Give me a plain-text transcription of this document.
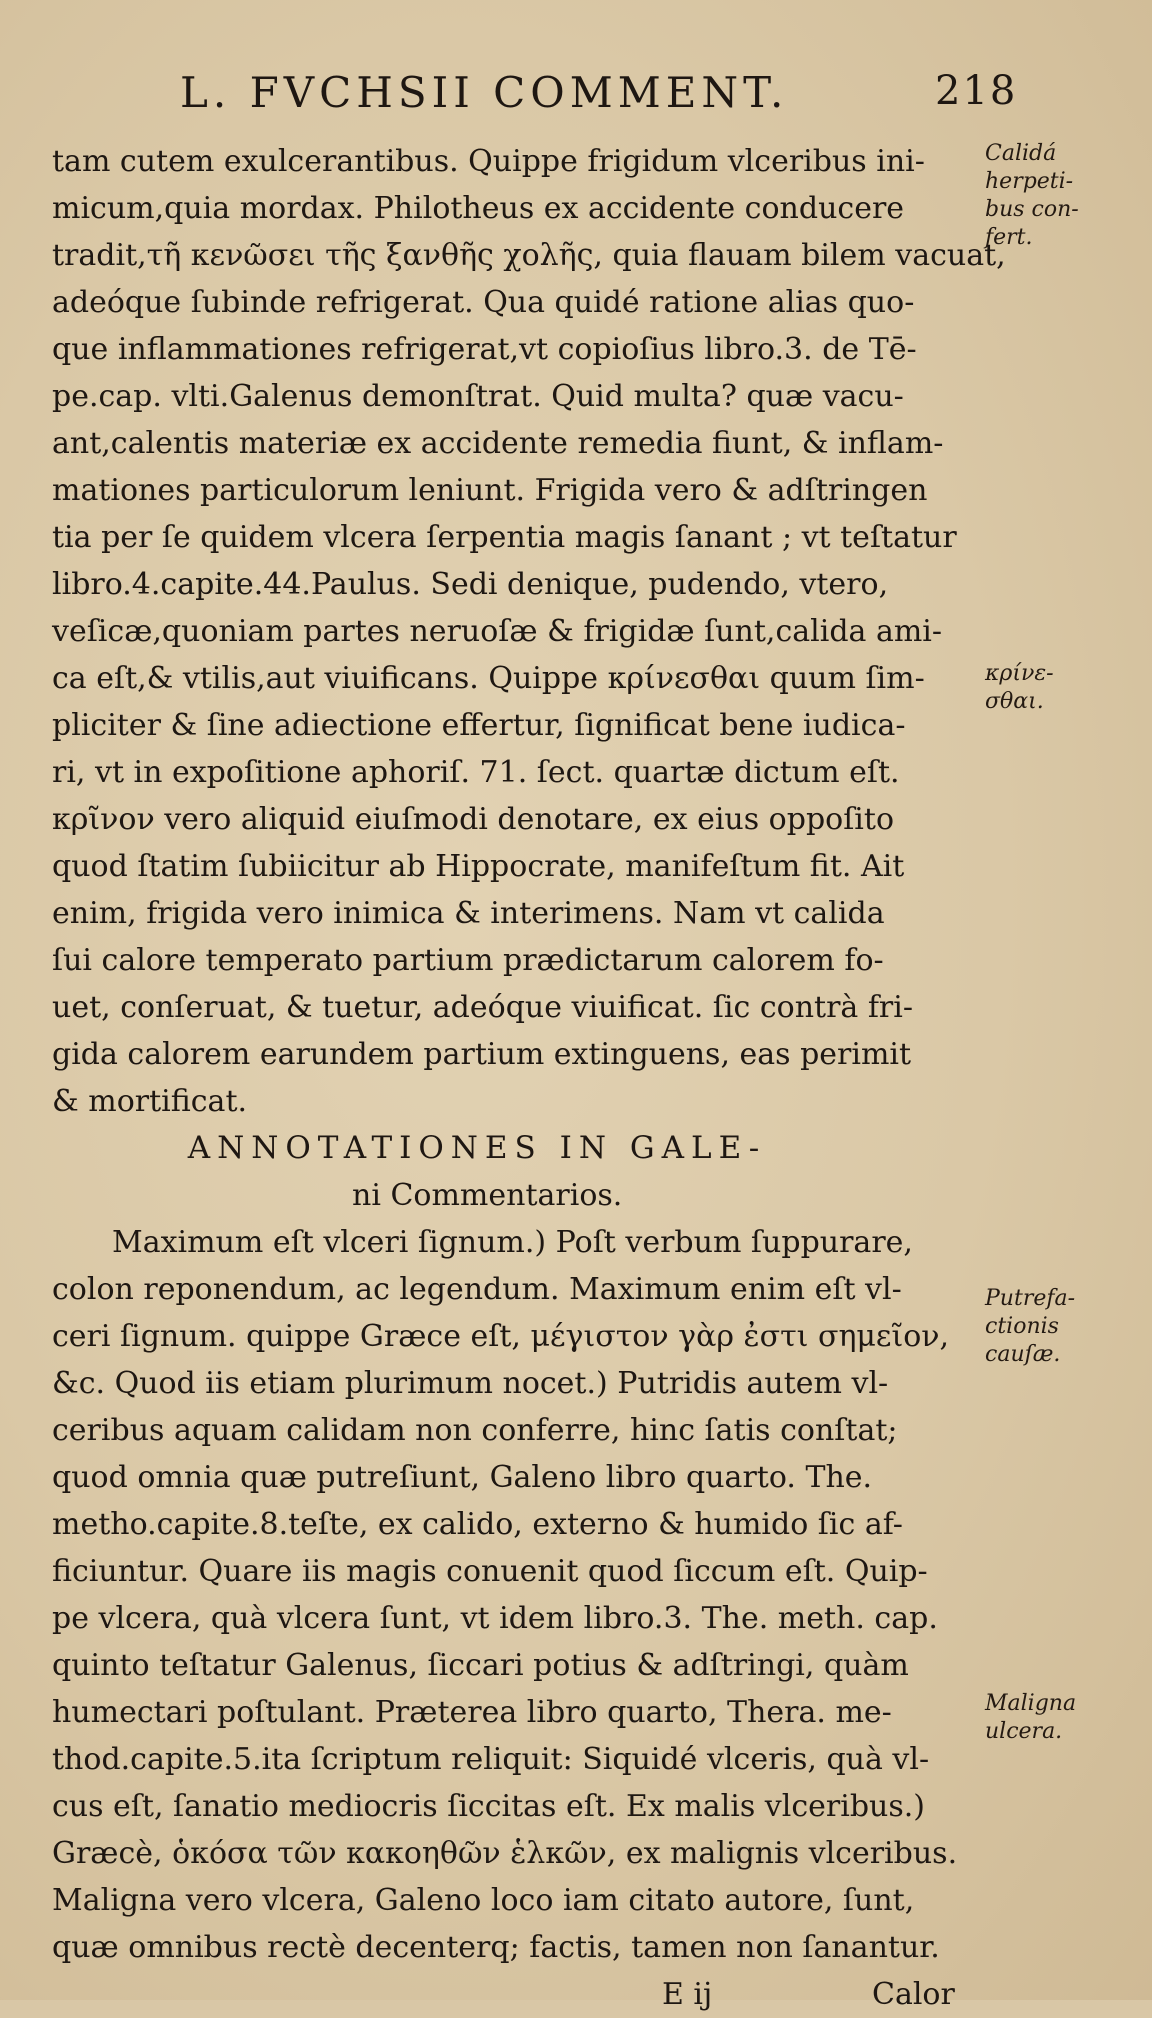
L. FVCHSII COMMENT.	218
tam cutem exulcerantibus. Quippe frigidum vlceribus ini-
micum,quia mordax. Philotheus ex accidente conducere
tradit,τῆ κενῶσει τῆς ξανθῆς χολῆς, quia flauam bilem vacuat,
adeóque ſubinde refrigerat. Qua quidé ratione alias quo-
que inflammationes refrigerat,vt copioſius libro.3. de Tē-
pe.cap. vlti.Galenus demonſtrat. Quid multa? quæ vacu-
ant,calentis materiæ ex accidente remedia fiunt, & inflam-
mationes particulorum leniunt. Frigida vero & adſtringen
tia per ſe quidem vlcera ſerpentia magis ſanant ; vt teſtatur
libro.4.capite.44.Paulus. Sedi denique, pudendo, vtero,
veſicæ,quoniam partes neruoſæ & frigidæ ſunt,calida ami-
ca eſt,& vtilis,aut viuificans. Quippe κρίνεσθαι quum ſim-
pliciter & ſine adiectione effertur, ſignificat bene iudica-
ri, vt in expoſitione aphoriſ. 71. ſect. quartæ dictum eſt.
κρῖνον vero aliquid eiuſmodi denotare, ex eius oppoſito
quod ſtatim ſubiicitur ab Hippocrate, manifeſtum fit. Ait
enim, frigida vero inimica & interimens. Nam vt calida
ſui calore temperato partium prædictarum calorem fo-
uet, conſeruat, & tuetur, adeóque viuificat. ſic contrà fri-
gida calorem earundem partium extinguens, eas perimit
& mortificat.
ANNOTATIONES IN GALE-
ni Commentarios.
Maximum eſt vlceri ſignum.) Poſt verbum ſuppurare,
colon reponendum, ac legendum. Maximum enim eſt vl-
ceri ſignum. quippe Græce eſt, μέγιστον γὰρ ἐστι σημεῖον,
&c. Quod iis etiam plurimum nocet.) Putridis autem vl-
ceribus aquam calidam non conferre, hinc ſatis conſtat;
quod omnia quæ putreſiunt, Galeno libro quarto. The.
metho.capite.8.teſte, ex calido, externo & humido ſic af-
ficiuntur. Quare iis magis conuenit quod ſiccum eſt. Quip-
pe vlcera, quà vlcera ſunt, vt idem libro.3. The. meth. cap.
quinto teſtatur Galenus, ſiccari potius & adſtringi, quàm
humectari poſtulant. Præterea libro quarto, Thera. me-
thod.capite.5.ita ſcriptum reliquit: Siquidé vlceris, quà vl-
cus eſt, ſanatio mediocris ſiccitas eſt. Ex malis vlceribus.)
Græcè, ὁκόσα τῶν κακοηθῶν ἑλκῶν, ex malignis vlceribus.
Maligna vero vlcera, Galeno loco iam citato autore, ſunt,
quæ omnibus rectè decenterq; factis, tamen non ſanantur.
E ij	Calor
Calidá
herpeti-
bus con-
fert.
κρίνε-
σθαι.
Putrefa-
ctionis
cauſæ.
Maligna
ulcera.
